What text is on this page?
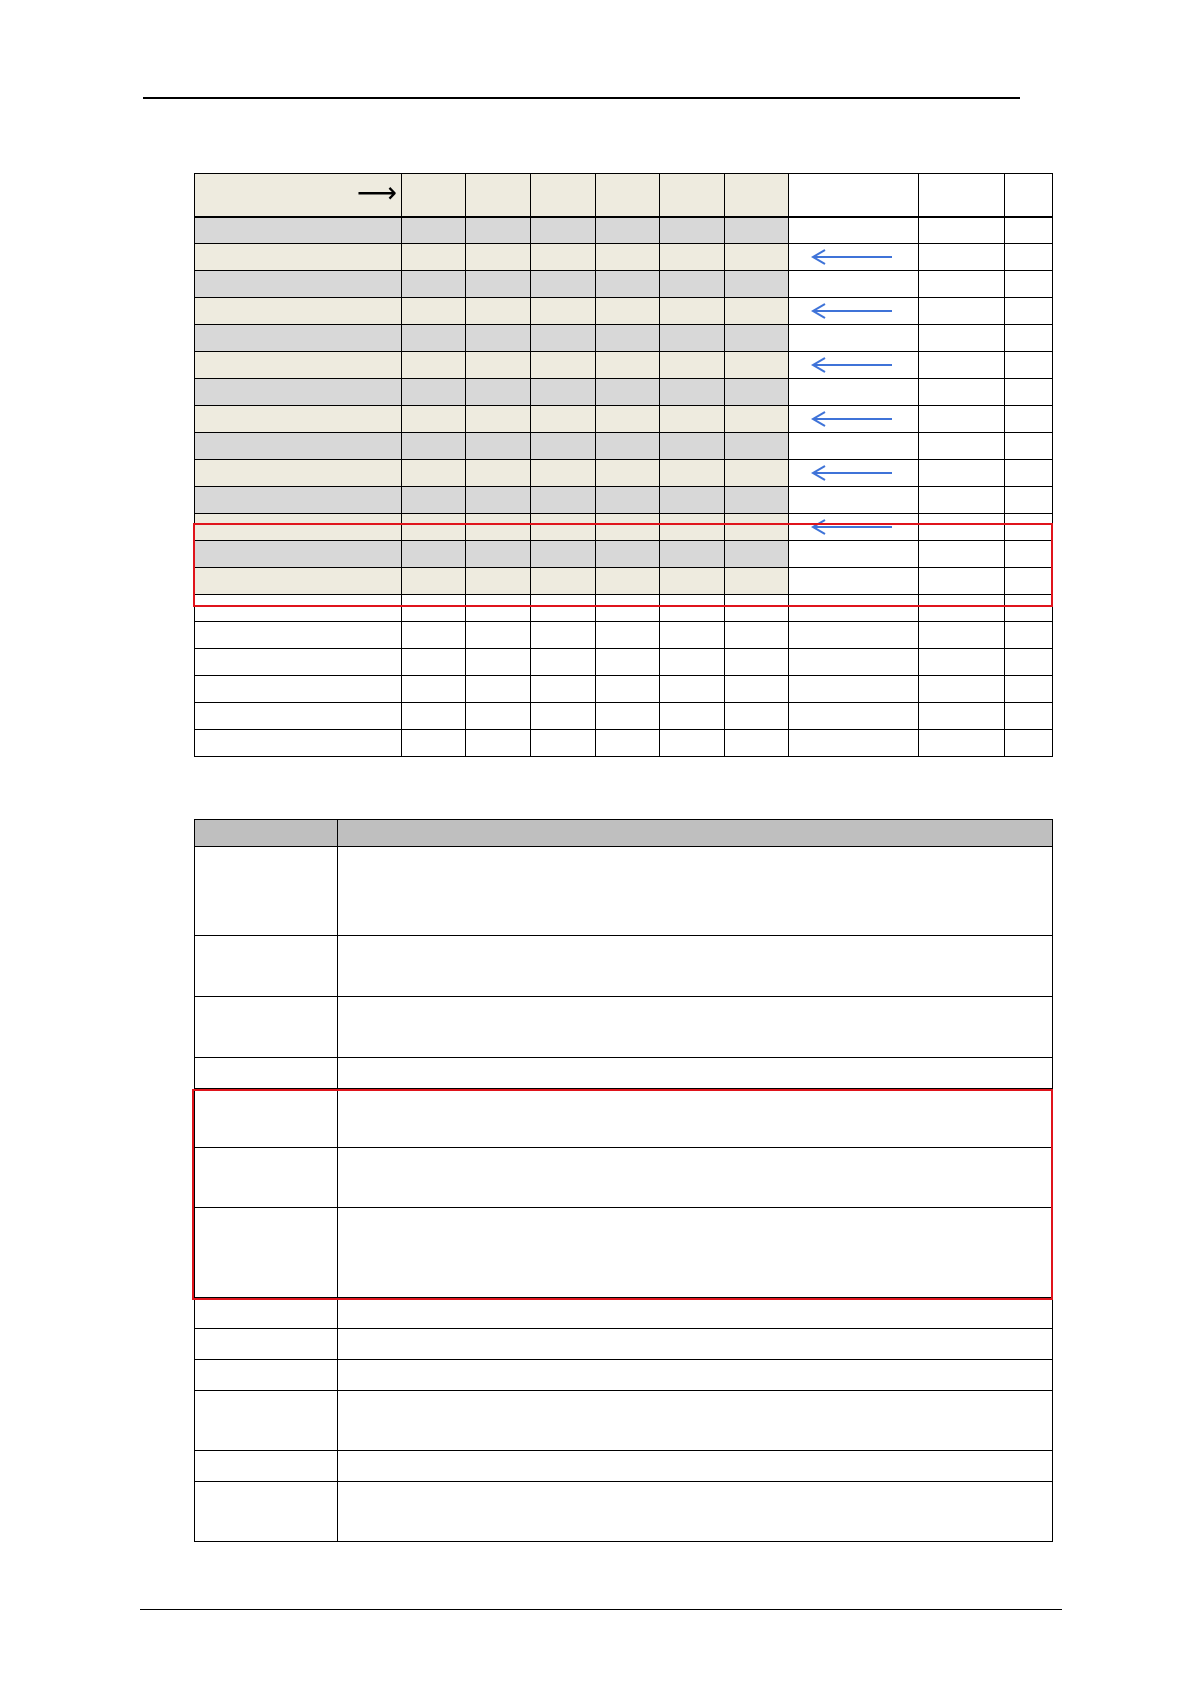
⟶									
